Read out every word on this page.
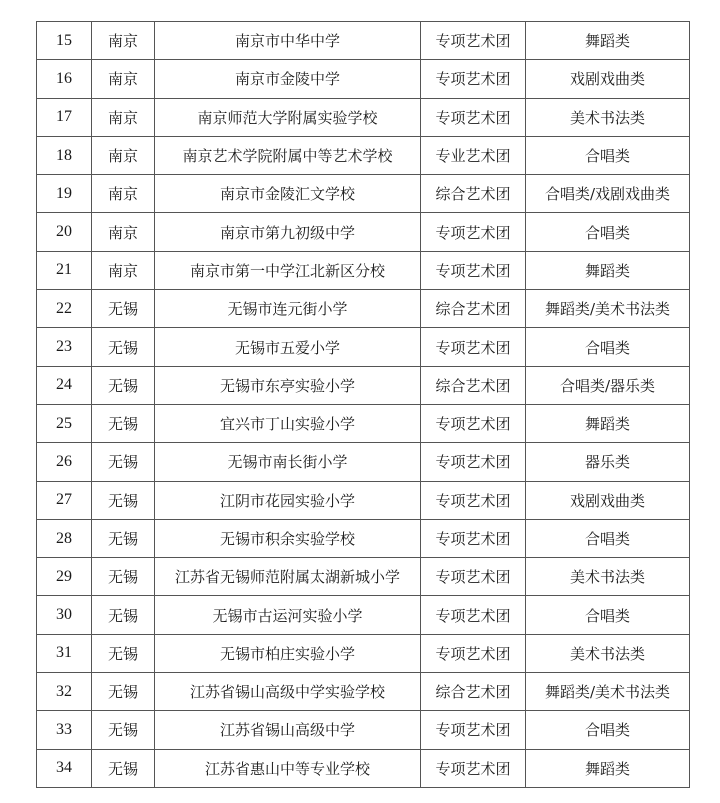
15	南京	南京市中华中学	专项艺术团	舞蹈类
16	南京	南京市金陵中学	专项艺术团	戏剧戏曲类
17	南京	南京师范大学附属实验学校	专项艺术团	美术书法类
18	南京	南京艺术学院附属中等艺术学校	专业艺术团	合唱类
19	南京	南京市金陵汇文学校	综合艺术团	合唱类/戏剧戏曲类
20	南京	南京市第九初级中学	专项艺术团	合唱类
21	南京	南京市第一中学江北新区分校	专项艺术团	舞蹈类
22	无锡	无锡市连元街小学	综合艺术团	舞蹈类/美术书法类
23	无锡	无锡市五爱小学	专项艺术团	合唱类
24	无锡	无锡市东亭实验小学	综合艺术团	合唱类/器乐类
25	无锡	宜兴市丁山实验小学	专项艺术团	舞蹈类
26	无锡	无锡市南长街小学	专项艺术团	器乐类
27	无锡	江阴市花园实验小学	专项艺术团	戏剧戏曲类
28	无锡	无锡市积余实验学校	专项艺术团	合唱类
29	无锡	江苏省无锡师范附属太湖新城小学	专项艺术团	美术书法类
30	无锡	无锡市古运河实验小学	专项艺术团	合唱类
31	无锡	无锡市柏庄实验小学	专项艺术团	美术书法类
32	无锡	江苏省锡山高级中学实验学校	综合艺术团	舞蹈类/美术书法类
33	无锡	江苏省锡山高级中学	专项艺术团	合唱类
34	无锡	江苏省惠山中等专业学校	专项艺术团	舞蹈类
